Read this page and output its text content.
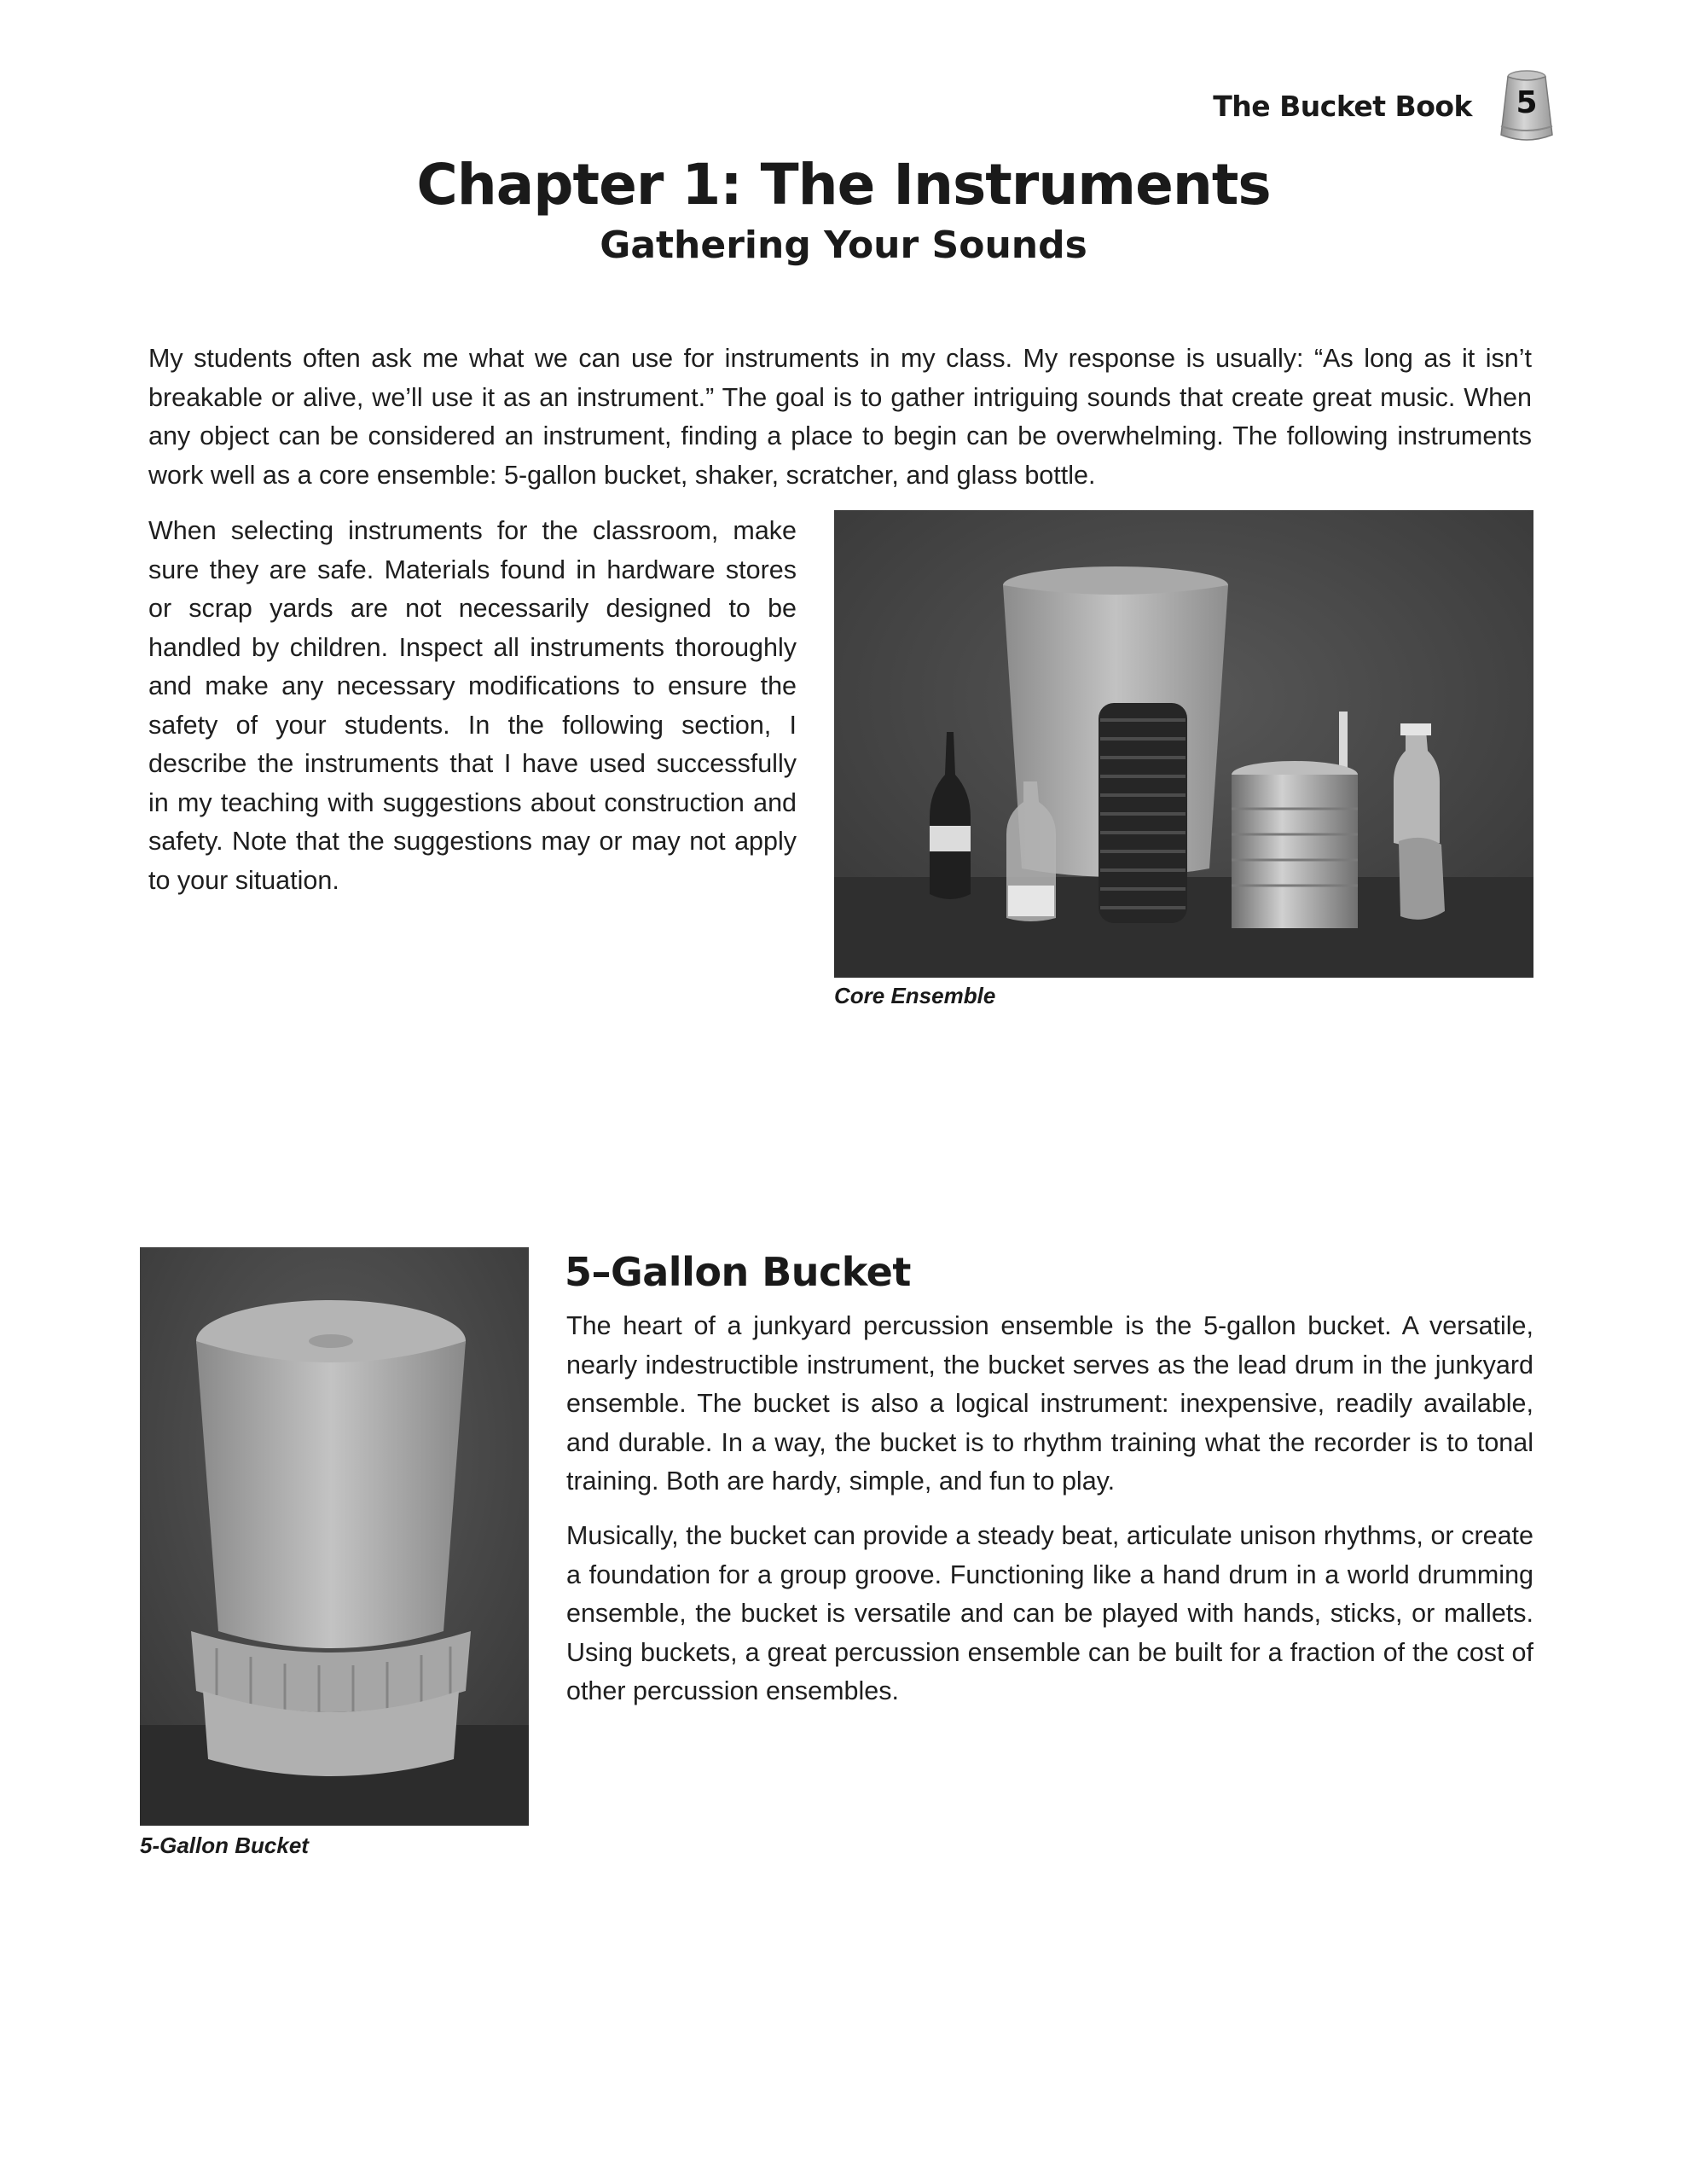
The Bucket Book	5
Chapter 1: The Instruments
Gathering Your Sounds

My students often ask me what we can use for instruments in my class. My response is usually: “As long as it isn’t breakable or alive, we’ll use it as an instrument.” The goal is to gather intriguing sounds that create great music. When any object can be considered an instrument, finding a place to begin can be overwhelming. The following instruments work well as a core ensemble: 5-gallon bucket, shaker, scratcher, and glass bottle.

When selecting instruments for the classroom, make sure they are safe. Materials found in hardware stores or scrap yards are not necessarily designed to be handled by children. Inspect all instruments thoroughly and make any necessary modifications to ensure the safety of your students. In the following section, I describe the instruments that I have used successfully in my teaching with suggestions about construction and safety. Note that the suggestions may or may not apply to your situation.

Core Ensemble
5-Gallon Bucket
5–Gallon Bucket

The heart of a junkyard percussion ensemble is the 5-gallon bucket. A versatile, nearly indestructible instrument, the bucket serves as the lead drum in the junkyard ensemble. The bucket is also a logical instrument: inexpensive, readily available, and durable. In a way, the bucket is to rhythm training what the recorder is to tonal training. Both are hardy, simple, and fun to play.

Musically, the bucket can provide a steady beat, articulate unison rhythms, or create a foundation for a group groove. Functioning like a hand drum in a world drumming ensemble, the bucket is versatile and can be played with hands, sticks, or mallets. Using buckets, a great percussion ensemble can be built for a fraction of the cost of other percussion ensembles.
